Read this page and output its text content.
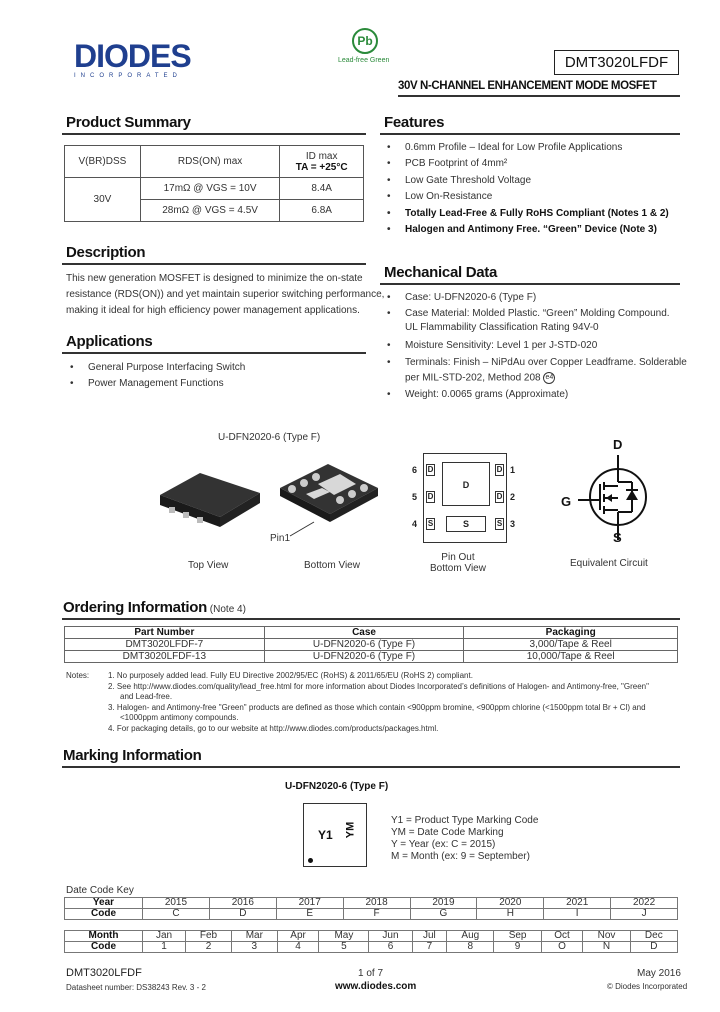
DIODES
INCORPORATED
Pb
Lead-free Green	DMT3020LFDF
30V N-CHANNEL ENHANCEMENT MODE MOSFET
Product Summary
V(BR)DSS	RDS(ON) max	ID max
TA = +25°C
30V	17mΩ @ VGS = 10V	8.4A
	28mΩ @ VGS = 4.5V	6.8A
Features
• 0.6mm Profile – Ideal for Low Profile Applications
• PCB Footprint of 4mm²
• Low Gate Threshold Voltage
• Low On-Resistance
• Totally Lead-Free & Fully RoHS Compliant (Notes 1 & 2)
• Halogen and Antimony Free. “Green” Device (Note 3)
Description
This new generation MOSFET is designed to minimize the on-state
resistance (RDS(ON)) and yet maintain superior switching performance,
making it ideal for high efficiency power management applications.
Mechanical Data
• Case: U-DFN2020-6 (Type F)
• Case Material: Molded Plastic. “Green” Molding Compound.
UL Flammability Classification Rating 94V-0
• Moisture Sensitivity: Level 1 per J-STD-020
• Terminals: Finish – NiPdAu over Copper Leadframe. Solderable
per MIL-STD-202, Method 208 e4
• Weight: 0.0065 grams (Approximate)
Applications
• General Purpose Interfacing Switch
• Power Management Functions
U-DFN2020-6 (Type F)
Pin1
Top View	Bottom View
D
D
S
D
D
S
D
S
6
5
4
1
2
3
Pin Out
Bottom View
D
G
S
Equivalent Circuit
Ordering Information (Note 4)
Part Number	Case	Packaging
DMT3020LFDF-7	U-DFN2020-6 (Type F)	3,000/Tape & Reel
DMT3020LFDF-13	U-DFN2020-6 (Type F)	10,000/Tape & Reel
Notes: 1. No purposely added lead. Fully EU Directive 2002/95/EC (RoHS) & 2011/65/EU (RoHS 2) compliant.
2. See http://www.diodes.com/quality/lead_free.html for more information about Diodes Incorporated’s definitions of Halogen- and Antimony-free, "Green"
and Lead-free.
3. Halogen- and Antimony-free "Green" products are defined as those which contain <900ppm bromine, <900ppm chlorine (<1500ppm total Br + Cl) and
<1000ppm antimony compounds.
4. For packaging details, go to our website at http://www.diodes.com/products/packages.html.
Marking Information
U-DFN2020-6 (Type F)
Y1 YM
Y1 = Product Type Marking Code
YM = Date Code Marking
Y = Year (ex: C = 2015)
M = Month (ex: 9 = September)
Date Code Key
Year	2015	2016	2017	2018	2019	2020	2021	2022
Code	C	D	E	F	G	H	I	J
Month	Jan	Feb	Mar	Apr	May	Jun	Jul	Aug	Sep	Oct	Nov	Dec
Code	1	2	3	4	5	6	7	8	9	O	N	D
DMT3020LFDF
Datasheet number: DS38243 Rev. 3 - 2
1 of 7
www.diodes.com
May 2016
© Diodes Incorporated
